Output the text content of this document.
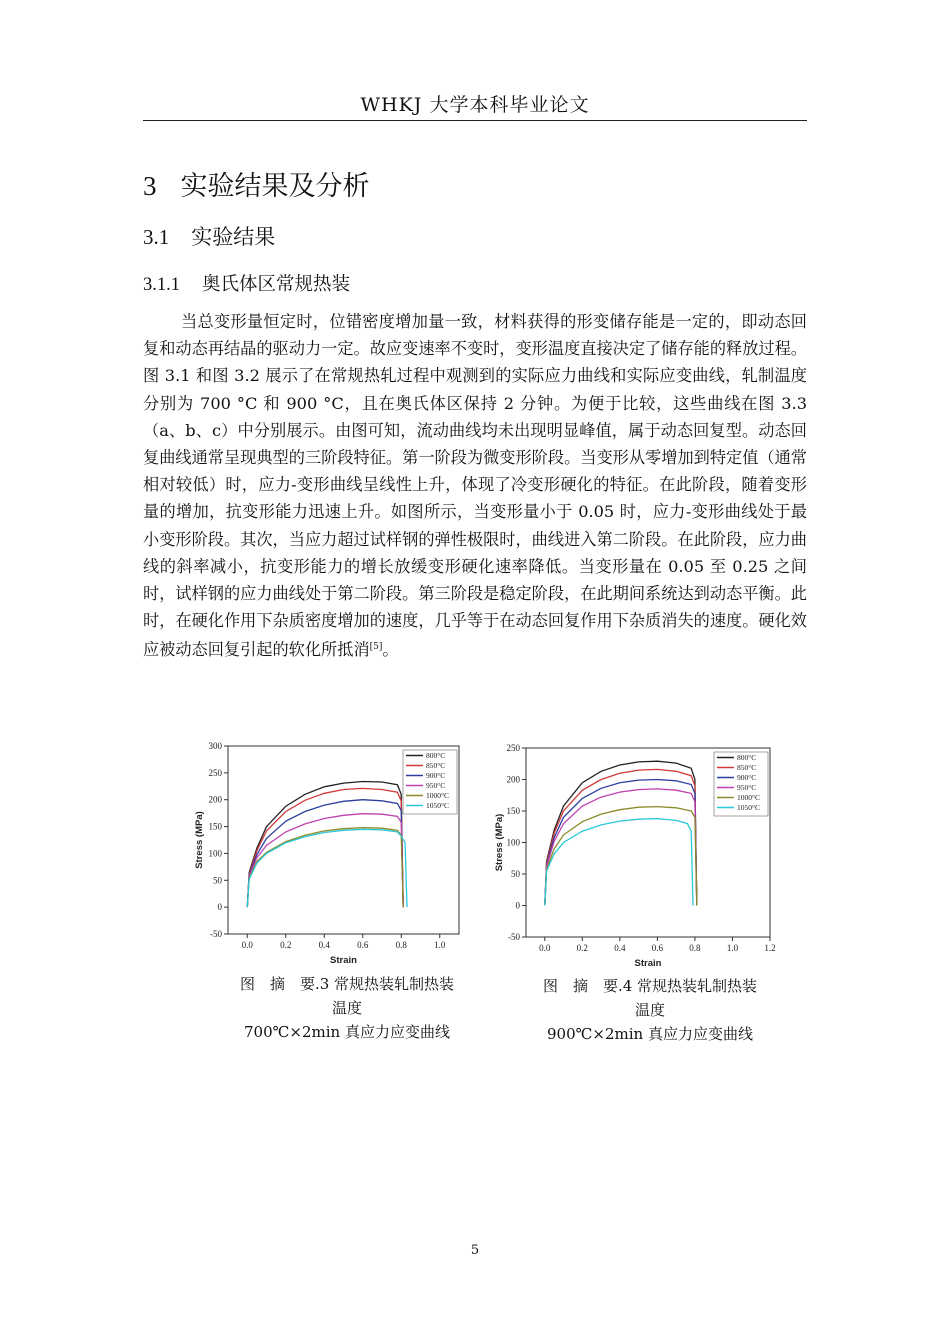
WHKJ 大学本科毕业论文
3 实验结果及分析
3.1 实验结果
3.1.1 奥氏体区常规热装
当总变形量恒定时，位错密度增加量一致，材料获得的形变储存能是一定的，即动态回复和动态再结晶的驱动力一定。故应变速率不变时，变形温度直接决定了储存能的释放过程。图 3.1 和图 3.2 展示了在常规热轧过程中观测到的实际应力曲线和实际应变曲线，轧制温度分别为 700 °C 和 900 °C，且在奥氏体区保持 2 分钟。为便于比较，这些曲线在图 3.3（a、b、c）中分别展示。由图可知，流动曲线均未出现明显峰值，属于动态回复型。动态回复曲线通常呈现典型的三阶段特征。第一阶段为微变形阶段。当变形从零增加到特定值（通常相对较低）时，应力-变形曲线呈线性上升，体现了冷变形硬化的特征。在此阶段，随着变形量的增加，抗变形能力迅速上升。如图所示，当变形量小于 0.05 时，应力-变形曲线处于最小变形阶段。其次，当应力超过试样钢的弹性极限时，曲线进入第二阶段。在此阶段，应力曲线的斜率减小，抗变形能力的增长放缓变形硬化速率降低。当变形量在 0.05 至 0.25 之间时，试样钢的应力曲线处于第二阶段。第三阶段是稳定阶段，在此期间系统达到动态平衡。此时，在硬化作用下杂质密度增加的速度，几乎等于在动态回复作用下杂质消失的速度。硬化效应被动态回复引起的软化所抵消[5]。
-50
0
50
100
150
200
250
300
0.0	0.2	0.4	0.6	0.8	1.0
Strain
Stress (MPa)
800°C
850°C
900°C
950°C
1000°C
1050°C
图　摘　要.3 常规热装轧制热装
温度
700℃×2min 真应力应变曲线
-50
0
50
100
150
200
250
0.0	0.2	0.4	0.6	0.8	1.0	1.2
Strain
Stress (MPa)
800°C
850°C
900°C
950°C
1000°C
1050°C
图　摘　要.4 常规热装轧制热装
温度
900℃×2min 真应力应变曲线
5
